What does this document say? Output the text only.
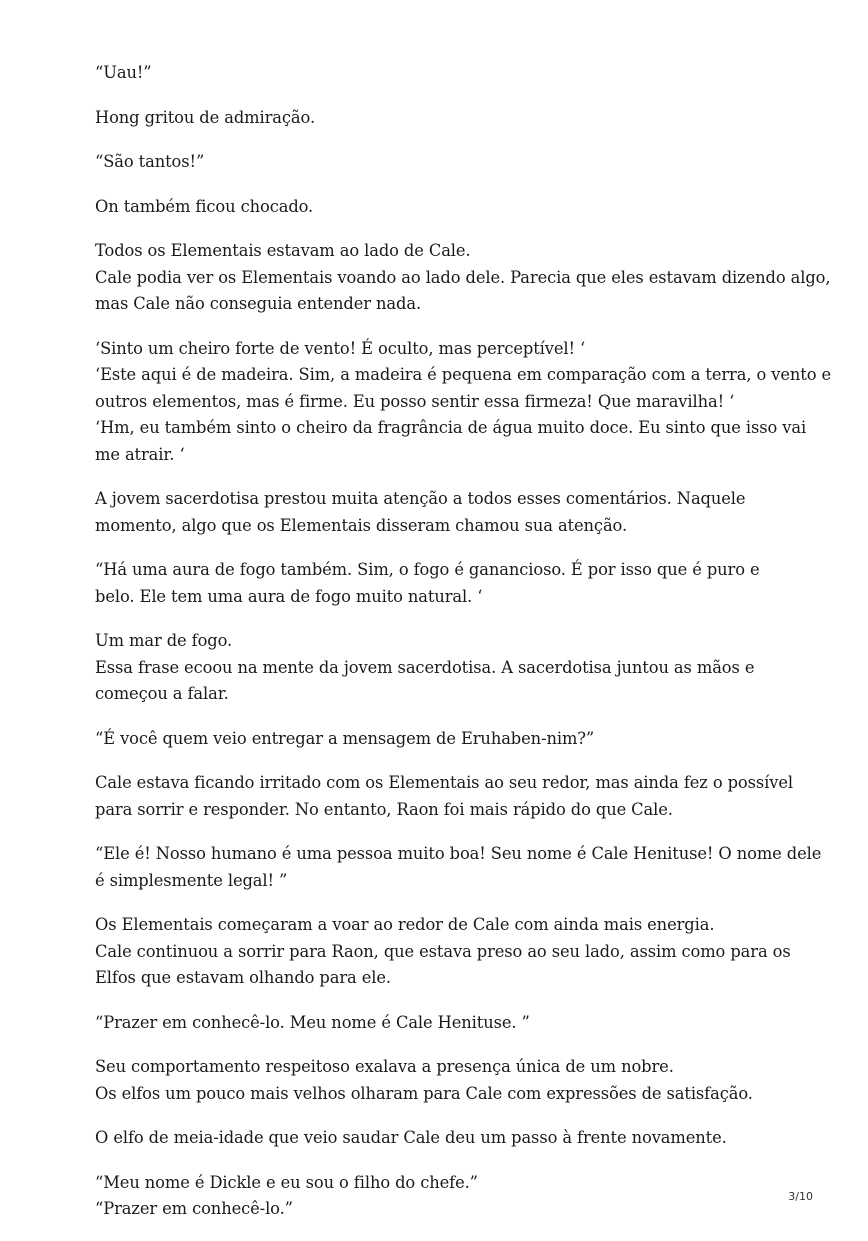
“Uau!”

Hong gritou de admiração.

“São tantos!”

On também ficou chocado.

Todos os Elementais estavam ao lado de Cale.
Cale podia ver os Elementais voando ao lado dele. Parecia que eles estavam dizendo algo,
mas Cale não conseguia entender nada.

‘Sinto um cheiro forte de vento! É oculto, mas perceptível! ‘
‘Este aqui é de madeira. Sim, a madeira é pequena em comparação com a terra, o vento e
outros elementos, mas é firme. Eu posso sentir essa firmeza! Que maravilha! ‘
‘Hm, eu também sinto o cheiro da fragrância de água muito doce. Eu sinto que isso vai
me atrair. ‘

A jovem sacerdotisa prestou muita atenção a todos esses comentários. Naquele
momento, algo que os Elementais disseram chamou sua atenção.

“Há uma aura de fogo também. Sim, o fogo é ganancioso. É por isso que é puro e
belo. Ele tem uma aura de fogo muito natural. ‘

Um mar de fogo.
Essa frase ecoou na mente da jovem sacerdotisa. A sacerdotisa juntou as mãos e
começou a falar.

“É você quem veio entregar a mensagem de Eruhaben-nim?”

Cale estava ficando irritado com os Elementais ao seu redor, mas ainda fez o possível
para sorrir e responder. No entanto, Raon foi mais rápido do que Cale.

“Ele é! Nosso humano é uma pessoa muito boa! Seu nome é Cale Henituse! O nome dele
é simplesmente legal! ”

Os Elementais começaram a voar ao redor de Cale com ainda mais energia.
Cale continuou a sorrir para Raon, que estava preso ao seu lado, assim como para os
Elfos que estavam olhando para ele.

“Prazer em conhecê-lo. Meu nome é Cale Henituse. ”

Seu comportamento respeitoso exalava a presença única de um nobre.
Os elfos um pouco mais velhos olharam para Cale com expressões de satisfação.

O elfo de meia-idade que veio saudar Cale deu um passo à frente novamente.

“Meu nome é Dickle e eu sou o filho do chefe.”
“Prazer em conhecê-lo.”

3/10
